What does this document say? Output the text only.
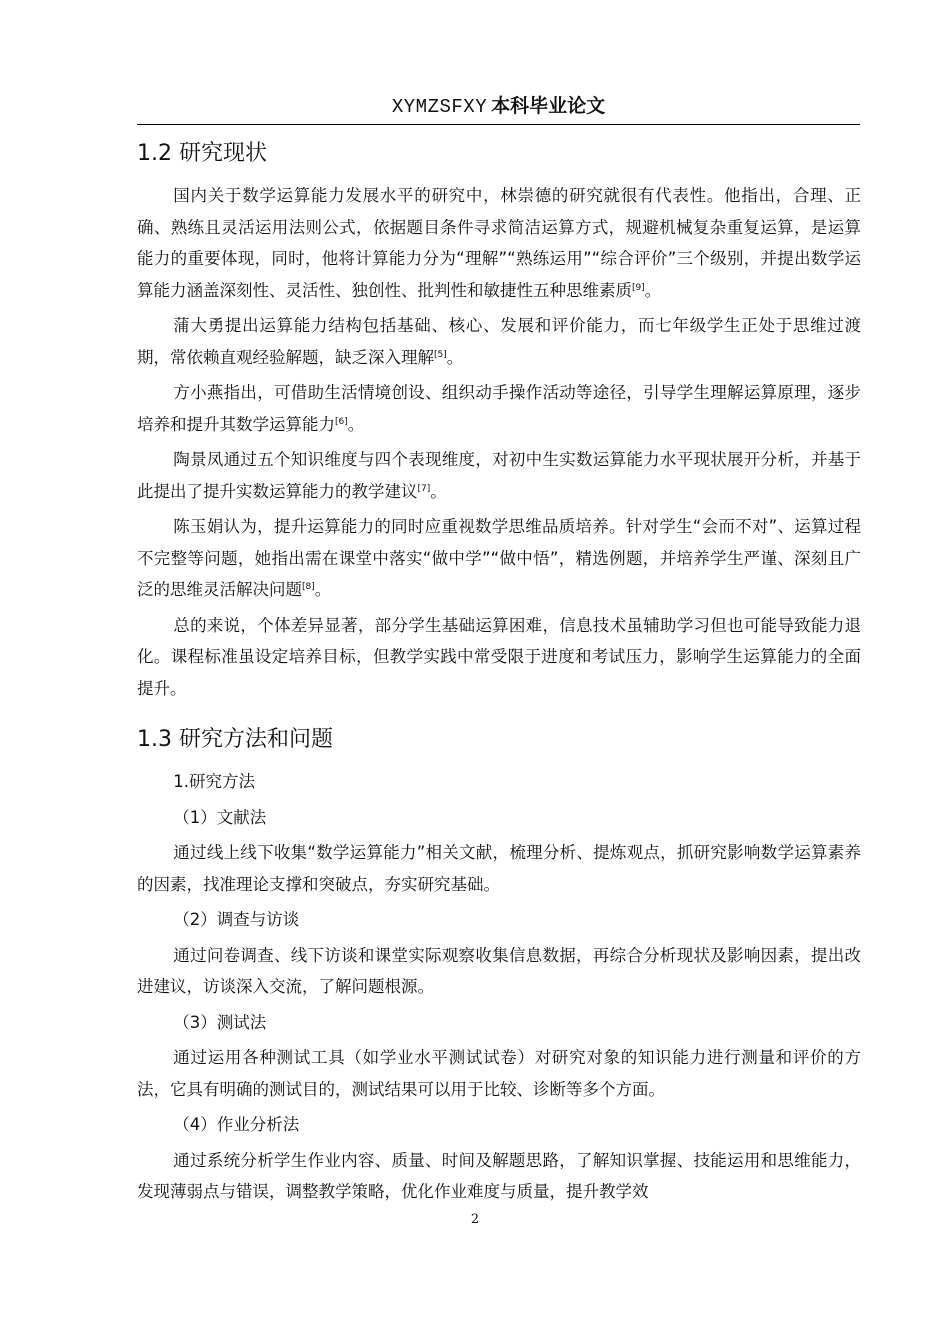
XYMZSFXY 本科毕业论文
1.2 研究现状

国内关于数学运算能力发展水平的研究中，林崇德的研究就很有代表性。他指出，合理、正确、熟练且灵活运用法则公式，依据题目条件寻求简洁运算方式，规避机械复杂重复运算，是运算能力的重要体现，同时，他将计算能力分为“理解”“熟练运用”“综合评价”三个级别，并提出数学运算能力涵盖深刻性、灵活性、独创性、批判性和敏捷性五种思维素质[9]。

蒲大勇提出运算能力结构包括基础、核心、发展和评价能力，而七年级学生正处于思维过渡期，常依赖直观经验解题，缺乏深入理解[5]。

方小燕指出，可借助生活情境创设、组织动手操作活动等途径，引导学生理解运算原理，逐步培养和提升其数学运算能力[6]。

陶景凤通过五个知识维度与四个表现维度，对初中生实数运算能力水平现状展开分析，并基于此提出了提升实数运算能力的教学建议[7]。

陈玉娟认为，提升运算能力的同时应重视数学思维品质培养。针对学生“会而不对”、运算过程不完整等问题，她指出需在课堂中落实“做中学”“做中悟”，精选例题，并培养学生严谨、深刻且广泛的思维灵活解决问题[8]。

总的来说，个体差异显著，部分学生基础运算困难，信息技术虽辅助学习但也可能导致能力退化。课程标准虽设定培养目标，但教学实践中常受限于进度和考试压力，影响学生运算能力的全面提升。

1.3 研究方法和问题

1.研究方法

（1）文献法

通过线上线下收集“数学运算能力”相关文献，梳理分析、提炼观点，抓研究影响数学运算素养的因素，找准理论支撑和突破点，夯实研究基础。

（2）调查与访谈

通过问卷调查、线下访谈和课堂实际观察收集信息数据，再综合分析现状及影响因素，提出改进建议，访谈深入交流，了解问题根源。

（3）测试法

通过运用各种测试工具（如学业水平测试试卷）对研究对象的知识能力进行测量和评价的方法，它具有明确的测试目的，测试结果可以用于比较、诊断等多个方面。

（4）作业分析法

通过系统分析学生作业内容、质量、时间及解题思路，了解知识掌握、技能运用和思维能力，发现薄弱点与错误，调整教学策略，优化作业难度与质量，提升教学效

2
